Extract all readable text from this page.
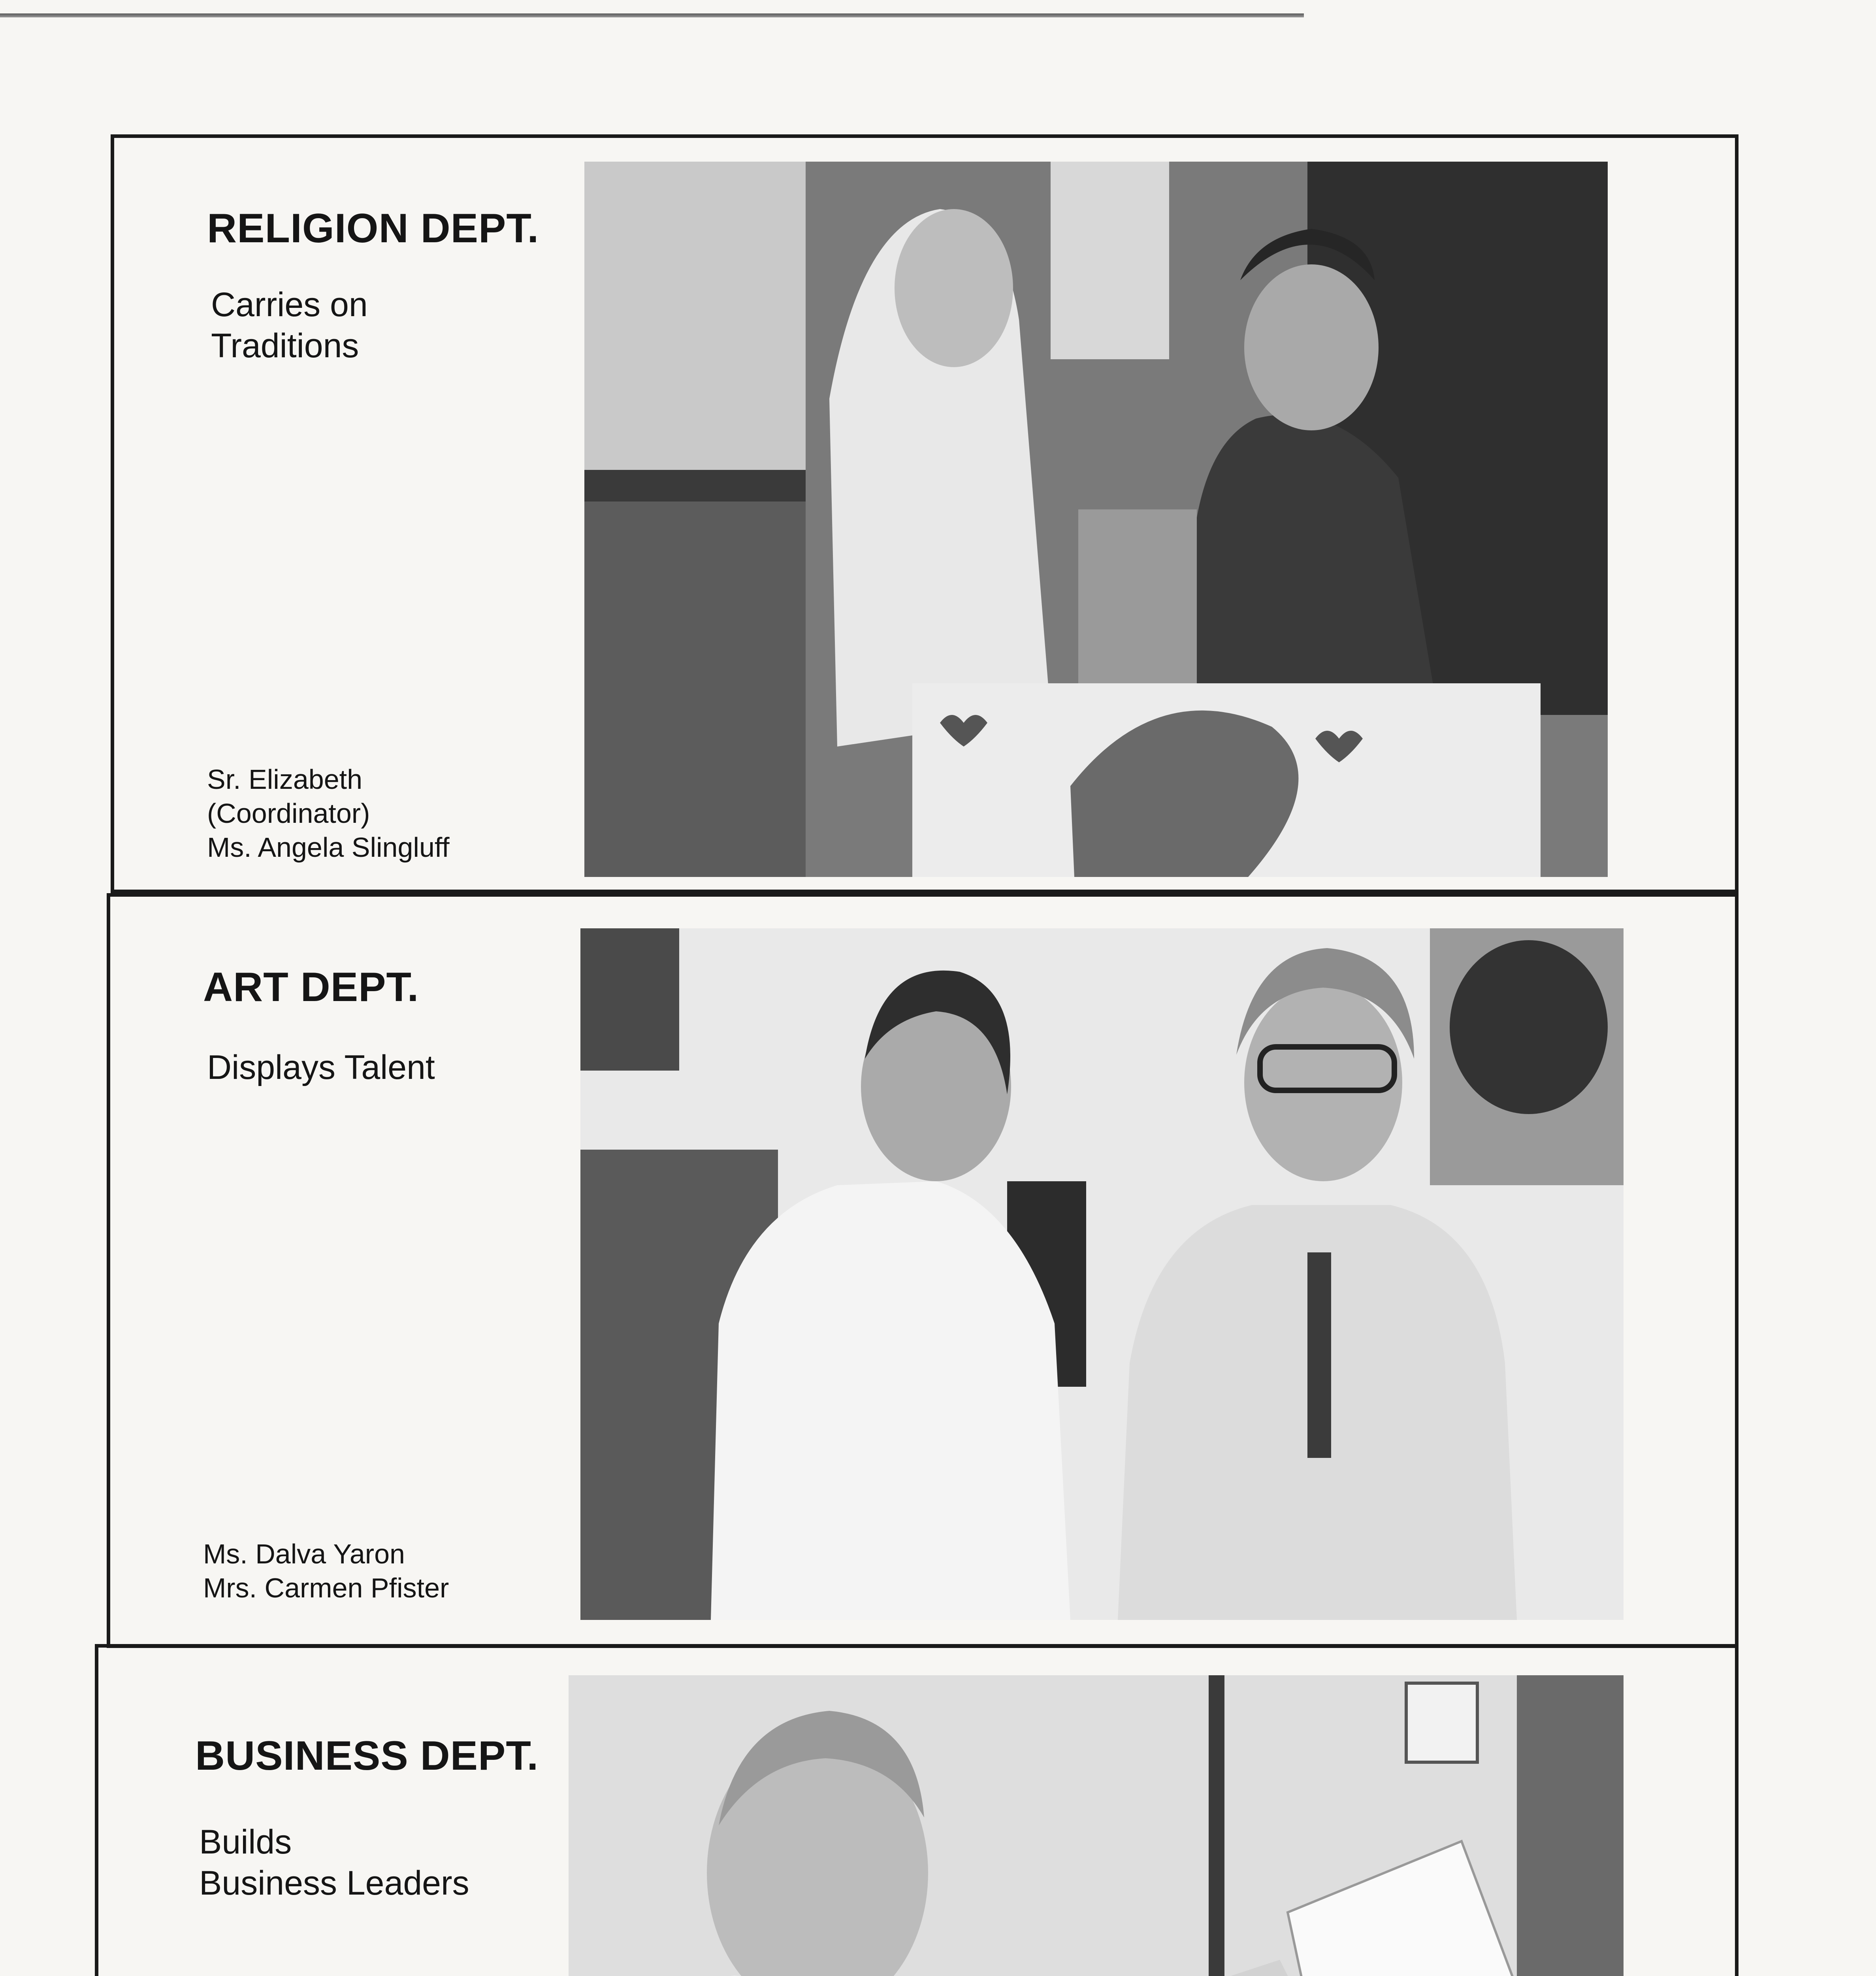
RELIGION DEPT.
Carries on
Traditions
Sr. Elizabeth
(Coordinator)
Ms. Angela Slingluff
ART DEPT.
Displays Talent
Ms. Dalva Yaron
Mrs. Carmen Pfister
BUSINESS DEPT.
Builds
Business Leaders
